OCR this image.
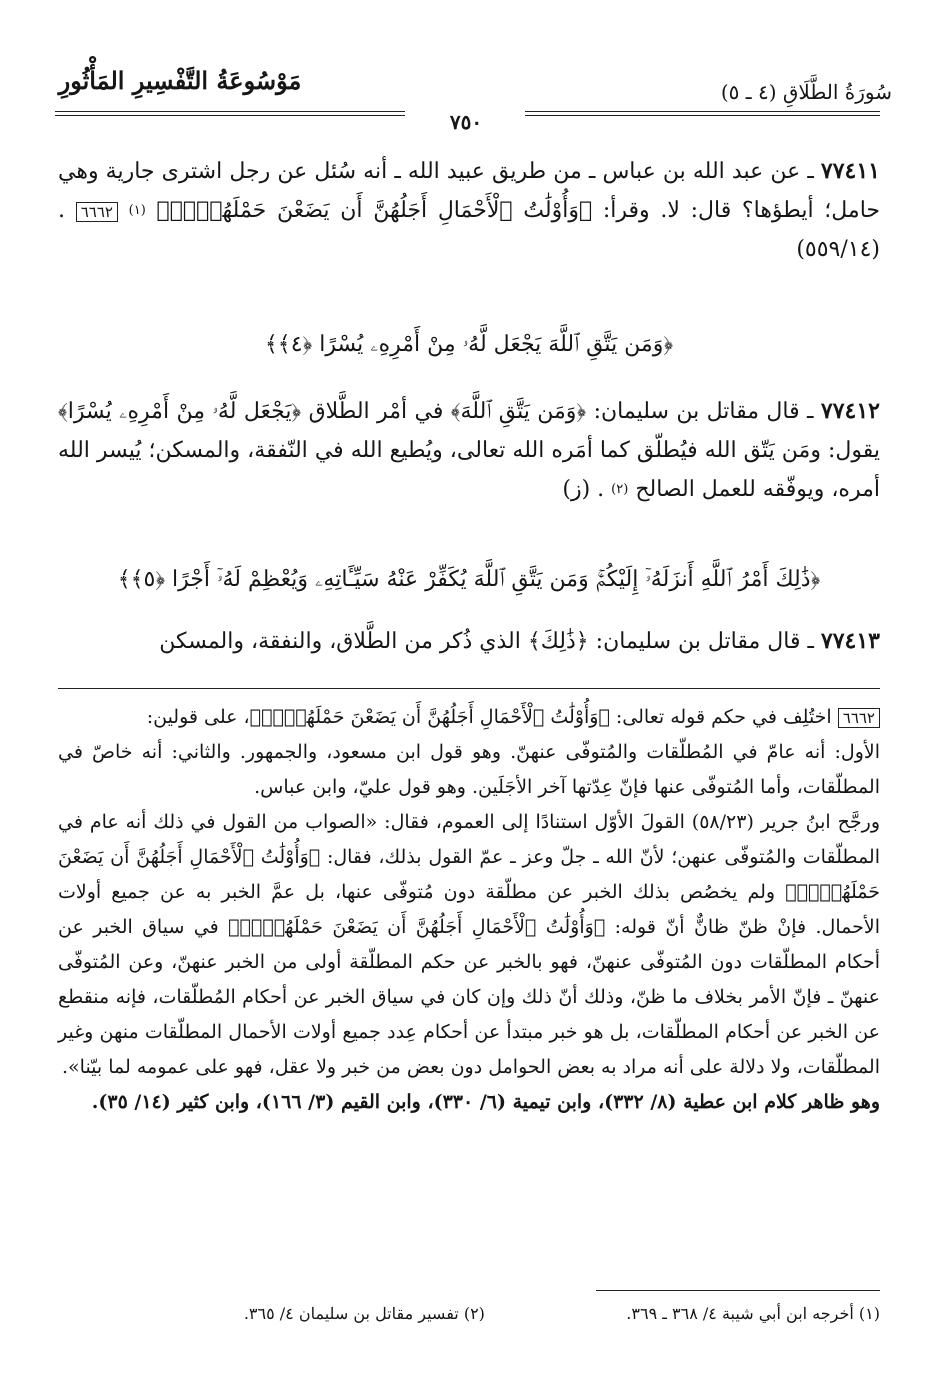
سُورَةُ الطَّلَاقِ (٤ ـ ٥)
مَوْسُوعَةُ التَّفْسِيرِ المَأْثُورِ
٧٥٠
٧٧٤١١ ـ عن عبد الله بن عباس ـ من طريق عبيد الله ـ أنه سُئل عن رجل اشترى جارية وهي حامل؛ أيطؤها؟ قال: لا. وقرأ: ﴿وَأُوْلَٰتُ ٱلْأَحْمَالِ أَجَلُهُنَّ أَن يَضَعْنَ حَمْلَهُنَّۚ﴾ $^{(١)}$ ٦٦٦٢ . (٥٥٩/١٤)
﴿وَمَن يَتَّقِ ٱللَّهَ يَجْعَل لَّهُۥ مِنْ أَمْرِهِۦ يُسْرًا ﴿٤﴾﴾
٧٧٤١٢ ـ قال مقاتل بن سليمان: ﴿وَمَن يَتَّقِ ٱللَّهَ﴾ في أمْر الطَّلاق ﴿يَجْعَل لَّهُۥ مِنْ أَمْرِهِۦ يُسْرًا﴾ يقول: ومَن يَتّق الله فيُطلّق كما أمَره الله تعالى، ويُطيع الله في النّفقة، والمسكن؛ يُيسر الله أمره، ويوفّقه للعمل الصالح $^{(٢)}$ . (ز)
﴿ذَٰلِكَ أَمْرُ ٱللَّهِ أَنزَلَهُۥٓ إِلَيْكُمْۚ وَمَن يَتَّقِ ٱللَّهَ يُكَفِّرْ عَنْهُ سَيِّـَٔاتِهِۦ وَيُعْظِمْ لَهُۥٓ أَجْرًا ﴿٥﴾﴾
٧٧٤١٣ ـ قال مقاتل بن سليمان: ﴿ذَٰلِكَ﴾ الذي ذُكر من الطَّلاق، والنفقة، والمسكن
٦٦٦٢ اختُلِف في حكم قوله تعالى: ﴿وَأُوْلَٰتُ ٱلْأَحْمَالِ أَجَلُهُنَّ أَن يَضَعْنَ حَمْلَهُنَّۚ﴾، على قولين:
الأول: أنه عامّ في المُطلّقات والمُتوفّى عنهنّ. وهو قول ابن مسعود، والجمهور. والثاني: أنه خاصّ في المطلّقات، وأما المُتوفّى عنها فإنّ عِدّتها آخر الأجَلَين. وهو قول عليّ، وابن عباس.
ورجَّح ابنُ جرير (٥٨/٢٣) القولَ الأوّل استنادًا إلى العموم، فقال: «الصواب من القول في ذلك أنه عام في المطلّقات والمُتوفّى عنهن؛ لأنّ الله ـ جلّ وعز ـ عمّ القول بذلك، فقال: ﴿وَأُوْلَٰتُ ٱلْأَحْمَالِ أَجَلُهُنَّ أَن يَضَعْنَ حَمْلَهُنَّۚ﴾ ولم يخصُص بذلك الخبر عن مطلّقة دون مُتوفّى عنها، بل عمَّ الخبر به عن جميع أولات الأحمال. فإنْ ظنّ ظانٌّ أنّ قوله: ﴿وَأُوْلَٰتُ ٱلْأَحْمَالِ أَجَلُهُنَّ أَن يَضَعْنَ حَمْلَهُنَّۚ﴾ في سياق الخبر عن أحكام المطلّقات دون المُتوفّى عنهنّ، فهو بالخبر عن حكم المطلّقة أولى من الخبر عنهنّ، وعن المُتوفّى عنهنّ ـ فإنّ الأمر بخلاف ما ظنّ، وذلك أنّ ذلك وإن كان في سياق الخبر عن أحكام المُطلّقات، فإنه منقطع عن الخبر عن أحكام المطلّقات، بل هو خبر مبتدأ عن أحكام عِدد جميع أولات الأحمال المطلّقات منهن وغير المطلّقات، ولا دلالة على أنه مراد به بعض الحوامل دون بعض من خبر ولا عقل، فهو على عمومه لما بيّنا».
وهو ظاهر كلام ابن عطية (٨/ ٣٣٢)، وابن تيمية (٦/ ٣٣٠)، وابن القيم (٣/ ١٦٦)، وابن كثير (١٤/ ٣٥).
(١) أخرجه ابن أبي شيبة ٤/ ٣٦٨ ـ ٣٦٩. (٢) تفسير مقاتل بن سليمان ٤/ ٣٦٥.
